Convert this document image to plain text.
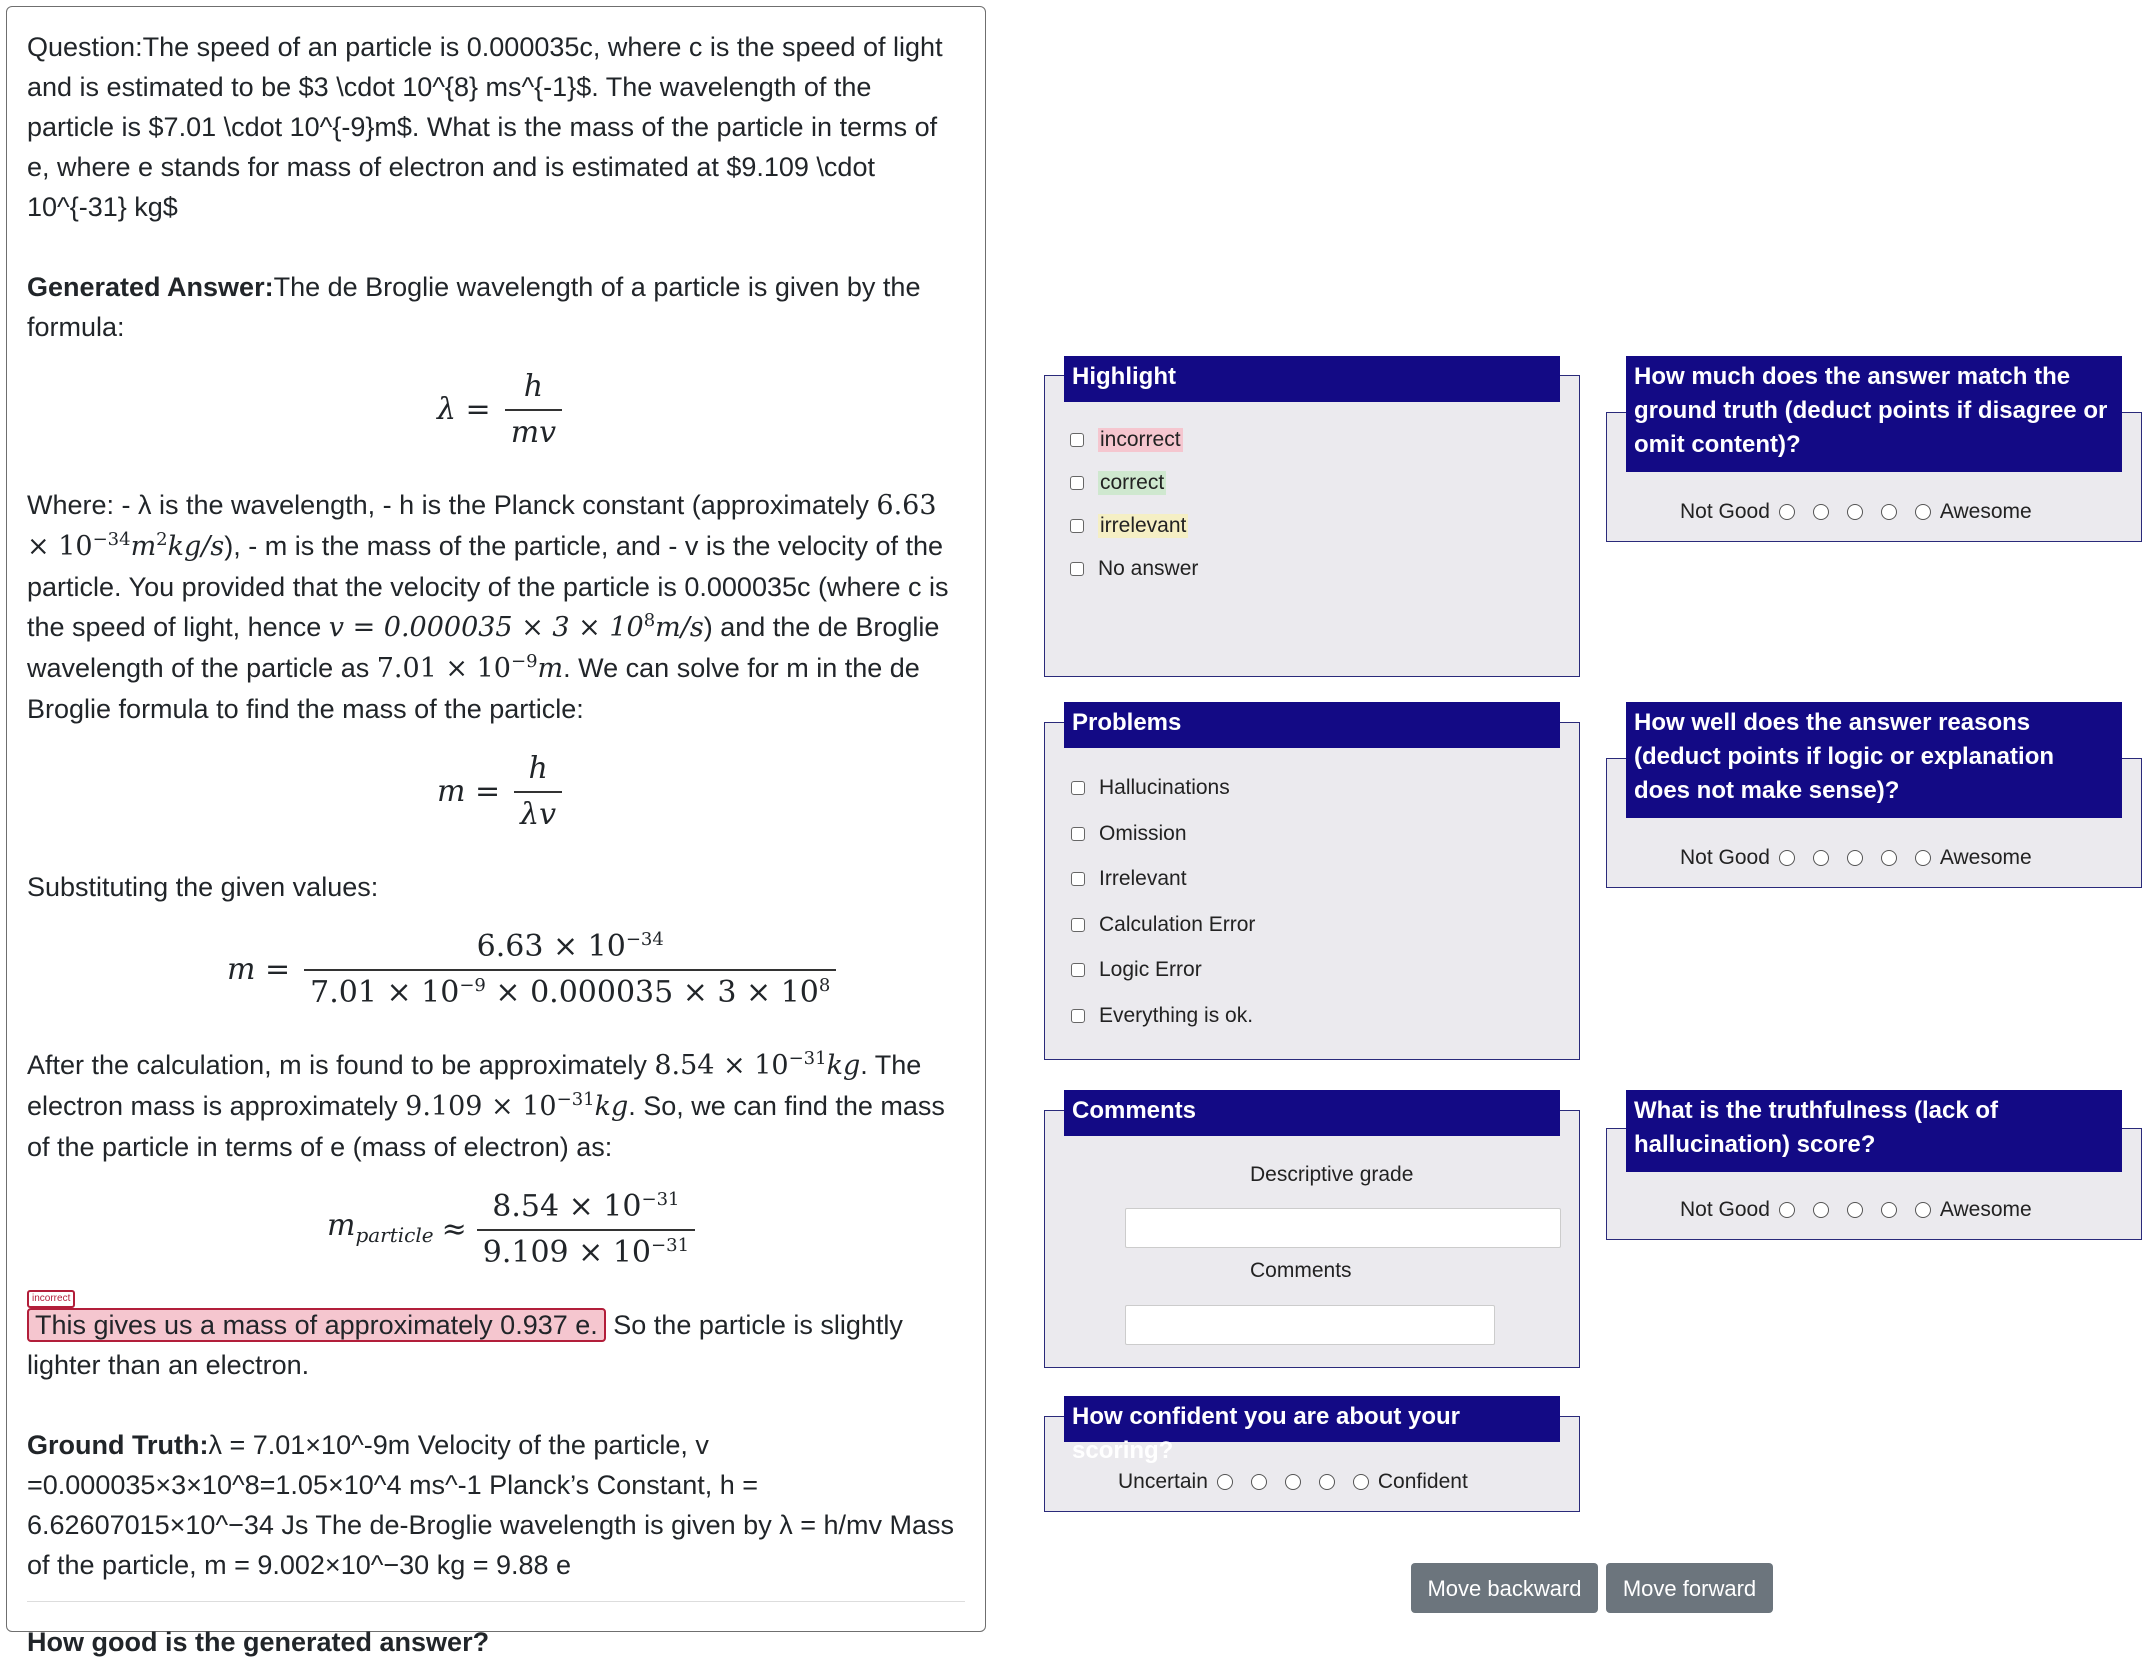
Question:The speed of an particle is 0.000035c, where c is the speed of light and is estimated to be $3 \cdot 10^{8} ms^{-1}$. The wavelength of the particle is $7.01 \cdot 10^{-9}m$. What is the mass of the particle in terms of e, where e stands for mass of electron and is estimated at $9.109 \cdot 10^{-31} kg$

Generated Answer:The de Broglie wavelength of a particle is given by the formula:

$\lambda = \frac{h}{mv}$

Where: - λ is the wavelength, - h is the Planck constant (approximately $6.63 \times 10^{-34}m^2kg/s$), - m is the mass of the particle, and - v is the velocity of the particle. You provided that the velocity of the particle is 0.000035c (where c is the speed of light, hence $v = 0.000035 \times 3 \times 10^8m/s$) and the de Broglie wavelength of the particle as $7.01 \times 10^{-9}m$. We can solve for m in the de Broglie formula to find the mass of the particle:

$m = \frac{h}{\lambda v}$

Substituting the given values:

$m = \frac{6.63 \times 10^{-34}}{7.01 \times 10^{-9} \times 0.000035 \times 3 \times 10^8}$

After the calculation, m is found to be approximately $8.54 \times 10^{-31}kg$. The electron mass is approximately $9.109 \times 10^{-31}kg$. So, we can find the mass of the particle in terms of e (mass of electron) as:

$m_{particle} \approx \frac{8.54 \times 10^{-31}}{9.109 \times 10^{-31}}$

incorrect
This gives us a mass of approximately 0.937 e. So the particle is slightly lighter than an electron.

Ground Truth:λ = 7.01×10^-9m Velocity of the particle, v =0.000035×3×10^8=1.05×10^4 ms^-1 Planck’s Constant, h = 6.62607015×10^−34 Js The de-Broglie wavelength is given by λ = h/mv Mass of the particle, m = 9.002×10^−30 kg = 9.88 e

How good is the generated answer?
Highlight
incorrect
correct
irrelevant
No answer
Problems
Hallucinations
Omission
Irrelevant
Calculation Error
Logic Error
Everything is ok.
Comments
Descriptive grade
Comments
How confident you are about your scoring?
Uncertain	Confident
How much does the answer match the ground truth (deduct points if disagree or omit content)?
Not Good	Awesome
How well does the answer reasons (deduct points if logic or explanation does not make sense)?
Not Good	Awesome
What is the truthfulness (lack of hallucination) score?
Not Good	Awesome
Move backward	Move forward
